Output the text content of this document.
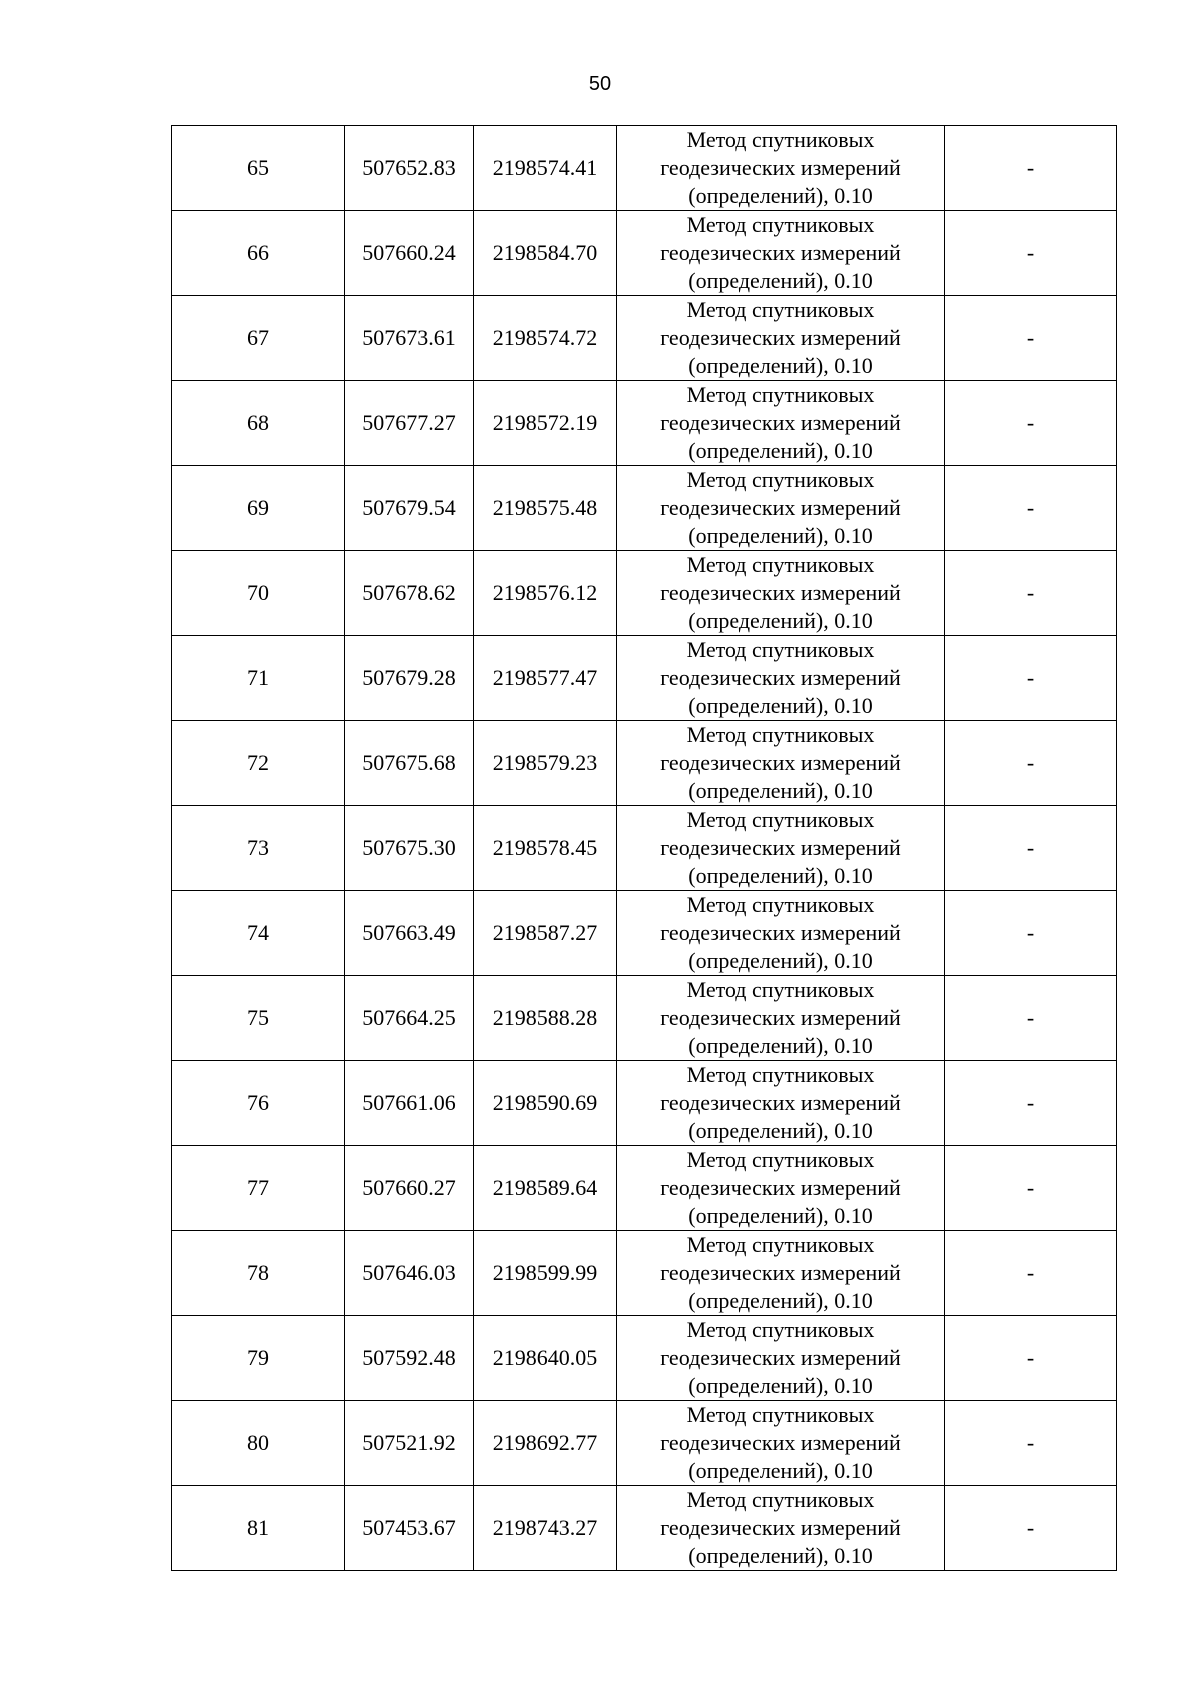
50
65	507652.83	2198574.41	Метод спутниковых
геодезических измерений
(определений), 0.10	-
66	507660.24	2198584.70	Метод спутниковых
геодезических измерений
(определений), 0.10	-
67	507673.61	2198574.72	Метод спутниковых
геодезических измерений
(определений), 0.10	-
68	507677.27	2198572.19	Метод спутниковых
геодезических измерений
(определений), 0.10	-
69	507679.54	2198575.48	Метод спутниковых
геодезических измерений
(определений), 0.10	-
70	507678.62	2198576.12	Метод спутниковых
геодезических измерений
(определений), 0.10	-
71	507679.28	2198577.47	Метод спутниковых
геодезических измерений
(определений), 0.10	-
72	507675.68	2198579.23	Метод спутниковых
геодезических измерений
(определений), 0.10	-
73	507675.30	2198578.45	Метод спутниковых
геодезических измерений
(определений), 0.10	-
74	507663.49	2198587.27	Метод спутниковых
геодезических измерений
(определений), 0.10	-
75	507664.25	2198588.28	Метод спутниковых
геодезических измерений
(определений), 0.10	-
76	507661.06	2198590.69	Метод спутниковых
геодезических измерений
(определений), 0.10	-
77	507660.27	2198589.64	Метод спутниковых
геодезических измерений
(определений), 0.10	-
78	507646.03	2198599.99	Метод спутниковых
геодезических измерений
(определений), 0.10	-
79	507592.48	2198640.05	Метод спутниковых
геодезических измерений
(определений), 0.10	-
80	507521.92	2198692.77	Метод спутниковых
геодезических измерений
(определений), 0.10	-
81	507453.67	2198743.27	Метод спутниковых
геодезических измерений
(определений), 0.10	-
